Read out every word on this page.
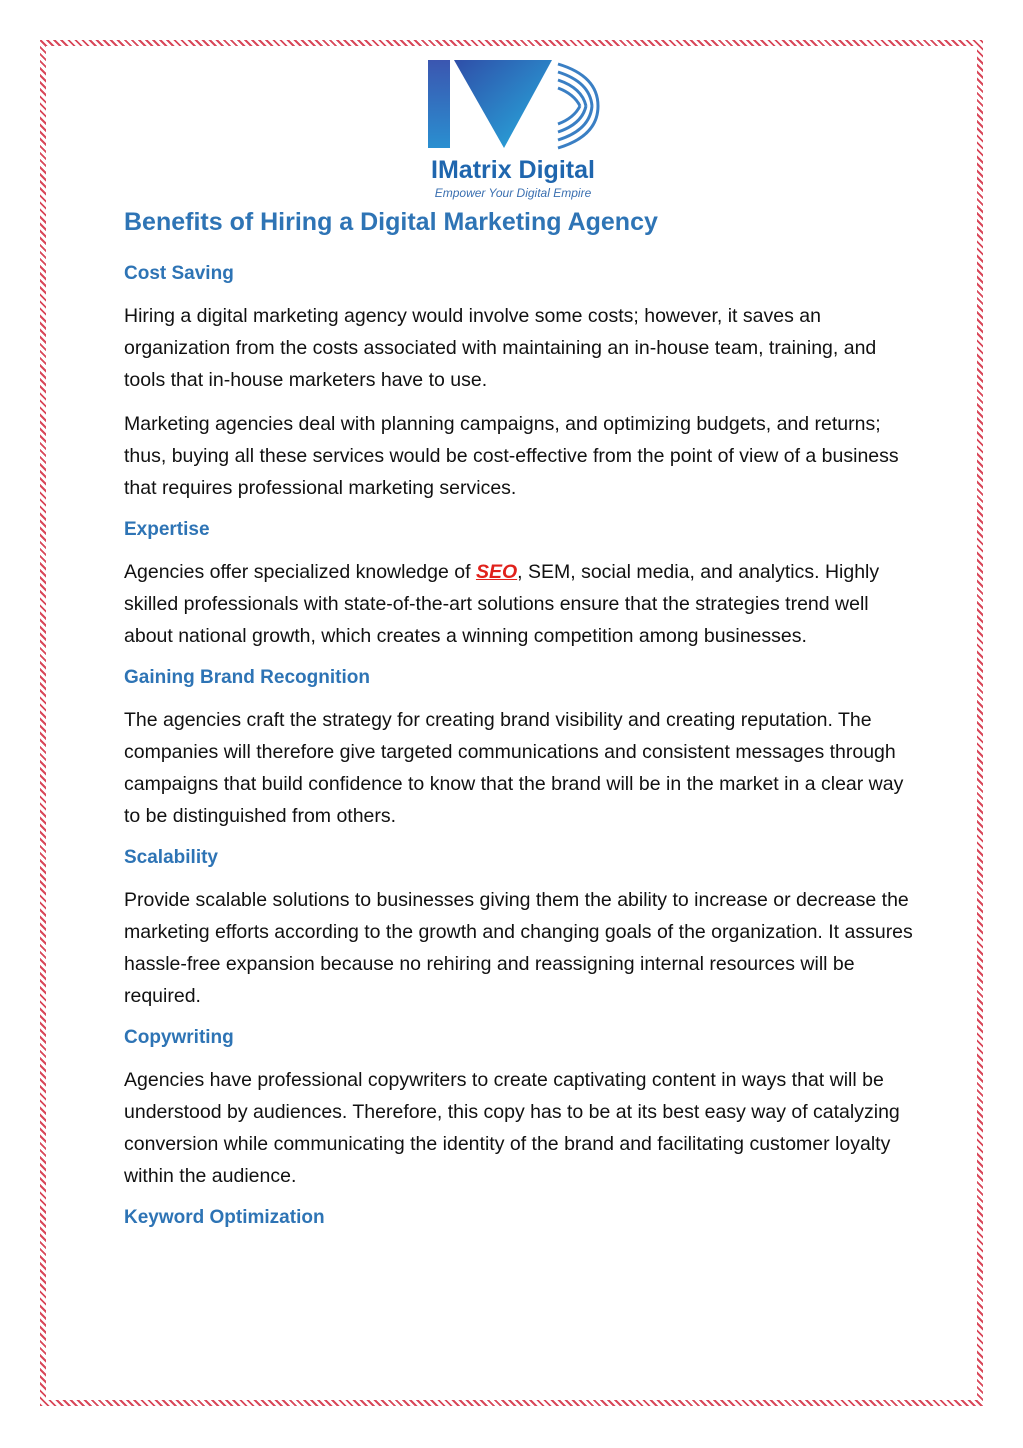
IMatrix Digital
Empower Your Digital Empire
Benefits of Hiring a Digital Marketing Agency
Cost Saving

Hiring a digital marketing agency would involve some costs; however, it saves an organization from the costs associated with maintaining an in-house team, training, and tools that in-house marketers have to use.

Marketing agencies deal with planning campaigns, and optimizing budgets, and returns; thus, buying all these services would be cost-effective from the point of view of a business that requires professional marketing services.

Expertise

Agencies offer specialized knowledge of SEO, SEM, social media, and analytics. Highly skilled professionals with state-of-the-art solutions ensure that the strategies trend well about national growth, which creates a winning competition among businesses.

Gaining Brand Recognition

The agencies craft the strategy for creating brand visibility and creating reputation. The companies will therefore give targeted communications and consistent messages through campaigns that build confidence to know that the brand will be in the market in a clear way to be distinguished from others.

Scalability

Provide scalable solutions to businesses giving them the ability to increase or decrease the marketing efforts according to the growth and changing goals of the organization. It assures hassle-free expansion because no rehiring and reassigning internal resources will be required.

Copywriting

Agencies have professional copywriters to create captivating content in ways that will be understood by audiences. Therefore, this copy has to be at its best easy way of catalyzing conversion while communicating the identity of the brand and facilitating customer loyalty within the audience.

Keyword Optimization
